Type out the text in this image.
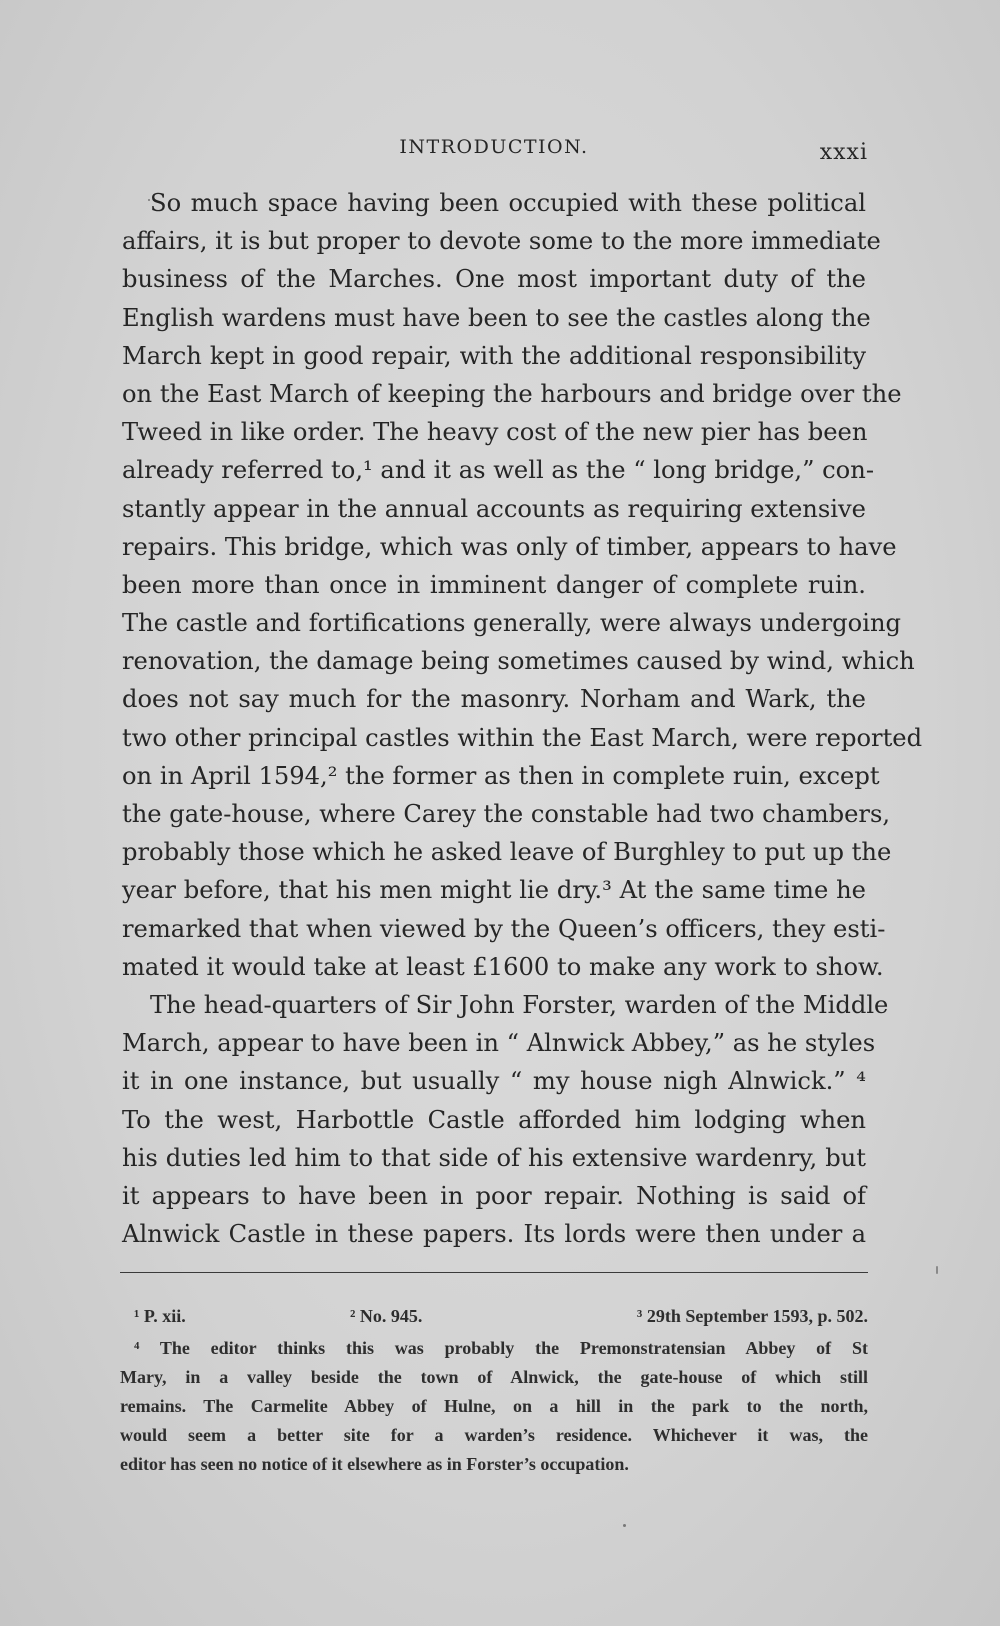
INTRODUCTION.	xxxi
So much space having been occupied with these political
affairs, it is but proper to devote some to the more immediate
business of the Marches. One most important duty of the
English wardens must have been to see the castles along the
March kept in good repair, with the additional responsibility
on the East March of keeping the harbours and bridge over the
Tweed in like order. The heavy cost of the new pier has been
already referred to,¹ and it as well as the “ long bridge,” con-
stantly appear in the annual accounts as requiring extensive
repairs. This bridge, which was only of timber, appears to have
been more than once in imminent danger of complete ruin.
The castle and fortifications generally, were always undergoing
renovation, the damage being sometimes caused by wind, which
does not say much for the masonry. Norham and Wark, the
two other principal castles within the East March, were reported
on in April 1594,² the former as then in complete ruin, except
the gate-house, where Carey the constable had two chambers,
probably those which he asked leave of Burghley to put up the
year before, that his men might lie dry.³ At the same time he
remarked that when viewed by the Queen’s officers, they esti-
mated it would take at least £1600 to make any work to show.
The head-quarters of Sir John Forster, warden of the Middle
March, appear to have been in “ Alnwick Abbey,” as he styles
it in one instance, but usually “ my house nigh Alnwick.” ⁴
To the west, Harbottle Castle afforded him lodging when
his duties led him to that side of his extensive wardenry, but
it appears to have been in poor repair. Nothing is said of
Alnwick Castle in these papers. Its lords were then under a
¹ P. xii.	² No. 945.	³ 29th September 1593, p. 502.
⁴ The editor thinks this was probably the Premonstratensian Abbey of St
Mary, in a valley beside the town of Alnwick, the gate-house of which still
remains. The Carmelite Abbey of Hulne, on a hill in the park to the north,
would seem a better site for a warden’s residence. Whichever it was, the
editor has seen no notice of it elsewhere as in Forster’s occupation.
